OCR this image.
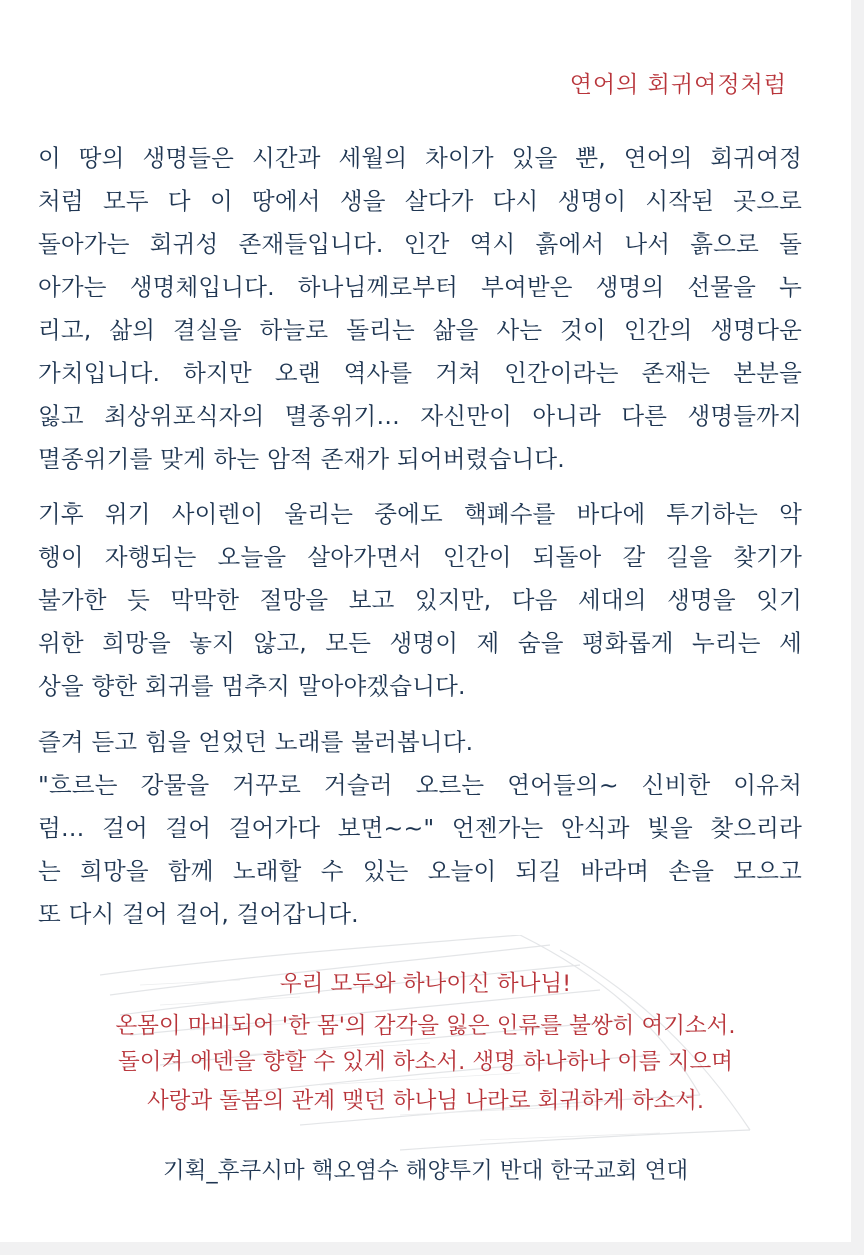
연어의 회귀여정처럼
이 땅의 생명들은 시간과 세월의 차이가 있을 뿐, 연어의 회귀여정
처럼 모두 다 이 땅에서 생을 살다가 다시 생명이 시작된 곳으로
돌아가는 회귀성 존재들입니다. 인간 역시 흙에서 나서 흙으로 돌
아가는 생명체입니다. 하나님께로부터 부여받은 생명의 선물을 누
리고, 삶의 결실을 하늘로 돌리는 삶을 사는 것이 인간의 생명다운
가치입니다. 하지만 오랜 역사를 거쳐 인간이라는 존재는 본분을
잃고 최상위포식자의 멸종위기… 자신만이 아니라 다른 생명들까지
멸종위기를 맞게 하는 암적 존재가 되어버렸습니다.
기후 위기 사이렌이 울리는 중에도 핵폐수를 바다에 투기하는 악
행이 자행되는 오늘을 살아가면서 인간이 되돌아 갈 길을 찾기가
불가한 듯 막막한 절망을 보고 있지만, 다음 세대의 생명을 잇기
위한 희망을 놓지 않고, 모든 생명이 제 숨을 평화롭게 누리는 세
상을 향한 회귀를 멈추지 말아야겠습니다.
즐겨 듣고 힘을 얻었던 노래를 불러봅니다.
"흐르는 강물을 거꾸로 거슬러 오르는 연어들의~ 신비한 이유처
럼… 걸어 걸어 걸어가다 보면~~" 언젠가는 안식과 빛을 찾으리라
는 희망을 함께 노래할 수 있는 오늘이 되길 바라며 손을 모으고
또 다시 걸어 걸어, 걸어갑니다.
우리 모두와 하나이신 하나님!
온몸이 마비되어 '한 몸'의 감각을 잃은 인류를 불쌍히 여기소서.
돌이켜 에덴을 향할 수 있게 하소서. 생명 하나하나 이름 지으며
사랑과 돌봄의 관계 맺던 하나님 나라로 회귀하게 하소서.
기획_후쿠시마 핵오염수 해양투기 반대 한국교회 연대
